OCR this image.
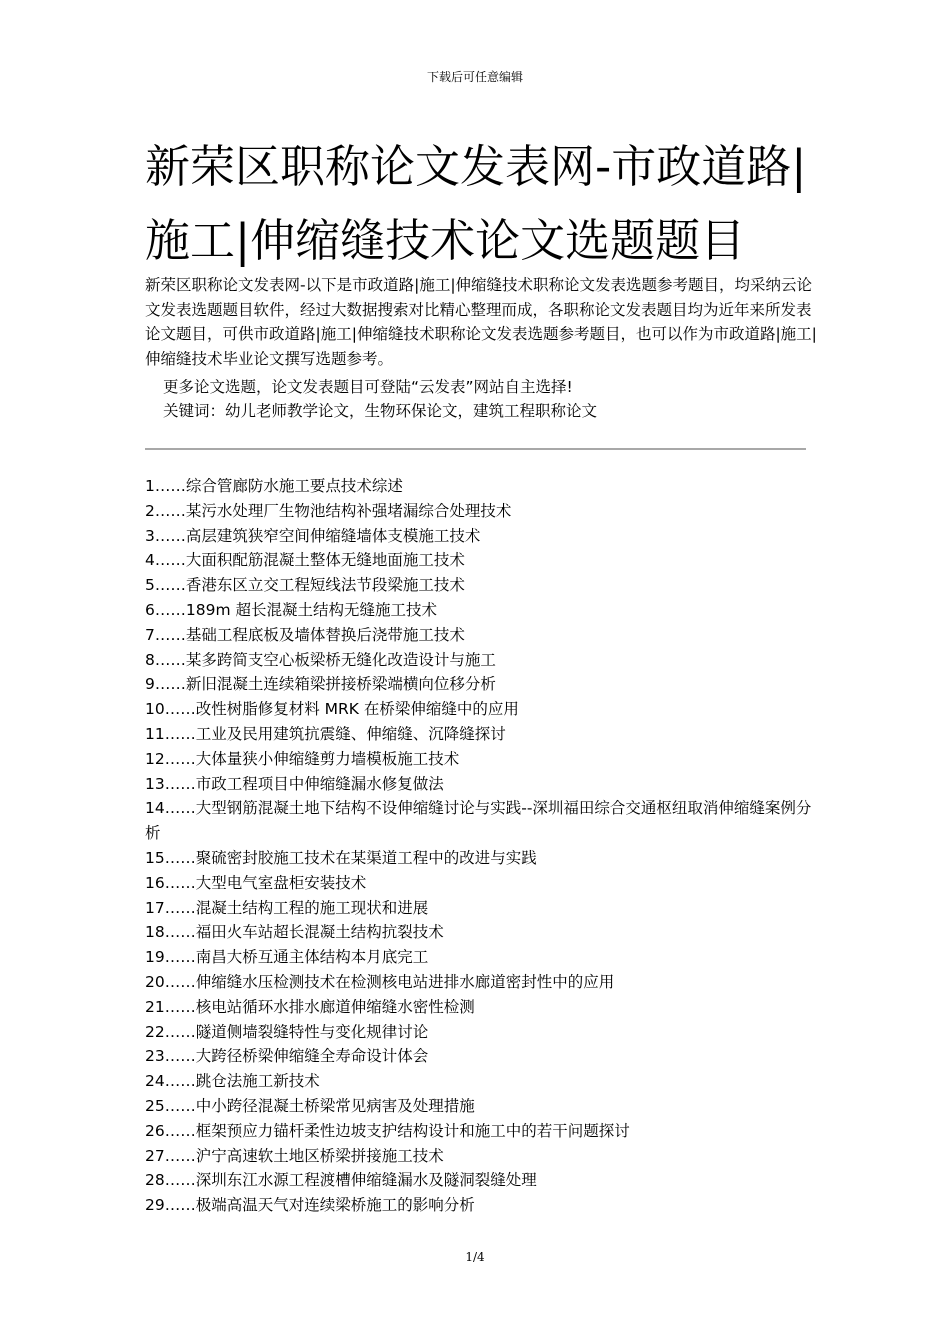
下载后可任意编辑
新荣区职称论文发表网-市政道路|施工|伸缩缝技术论文选题题目

新荣区职称论文发表网-以下是市政道路|施工|伸缩缝技术职称论文发表选题参考题目，均采纳云论文发表选题题目软件，经过大数据搜索对比精心整理而成，各职称论文发表题目均为近年来所发表论文题目，可供市政道路|施工|伸缩缝技术职称论文发表选题参考题目，也可以作为市政道路|施工|伸缩缝技术毕业论文撰写选题参考。

更多论文选题，论文发表题目可登陆“云发表”网站自主选择!

关键词：幼儿老师教学论文，生物环保论文，建筑工程职称论文

1……综合管廊防水施工要点技术综述
2……某污水处理厂生物池结构补强堵漏综合处理技术
3……高层建筑狭窄空间伸缩缝墙体支模施工技术
4……大面积配筋混凝土整体无缝地面施工技术
5……香港东区立交工程短线法节段梁施工技术
6……189m 超长混凝土结构无缝施工技术
7……基础工程底板及墙体替换后浇带施工技术
8……某多跨简支空心板梁桥无缝化改造设计与施工
9……新旧混凝土连续箱梁拼接桥梁端横向位移分析
10……改性树脂修复材料 MRK 在桥梁伸缩缝中的应用
11……工业及民用建筑抗震缝、伸缩缝、沉降缝探讨
12……大体量狭小伸缩缝剪力墙模板施工技术
13……市政工程项目中伸缩缝漏水修复做法
14……大型钢筋混凝土地下结构不设伸缩缝讨论与实践--深圳福田综合交通枢纽取消伸缩缝案例分析
15……聚硫密封胶施工技术在某渠道工程中的改进与实践
16……大型电气室盘柜安装技术
17……混凝土结构工程的施工现状和进展
18……福田火车站超长混凝土结构抗裂技术
19……南昌大桥互通主体结构本月底完工
20……伸缩缝水压检测技术在检测核电站进排水廊道密封性中的应用
21……核电站循环水排水廊道伸缩缝水密性检测
22……隧道侧墙裂缝特性与变化规律讨论
23……大跨径桥梁伸缩缝全寿命设计体会
24……跳仓法施工新技术
25……中小跨径混凝土桥梁常见病害及处理措施
26……框架预应力锚杆柔性边坡支护结构设计和施工中的若干问题探讨
27……沪宁高速软土地区桥梁拼接施工技术
28……深圳东江水源工程渡槽伸缩缝漏水及隧洞裂缝处理
29……极端高温天气对连续梁桥施工的影响分析
1/4
